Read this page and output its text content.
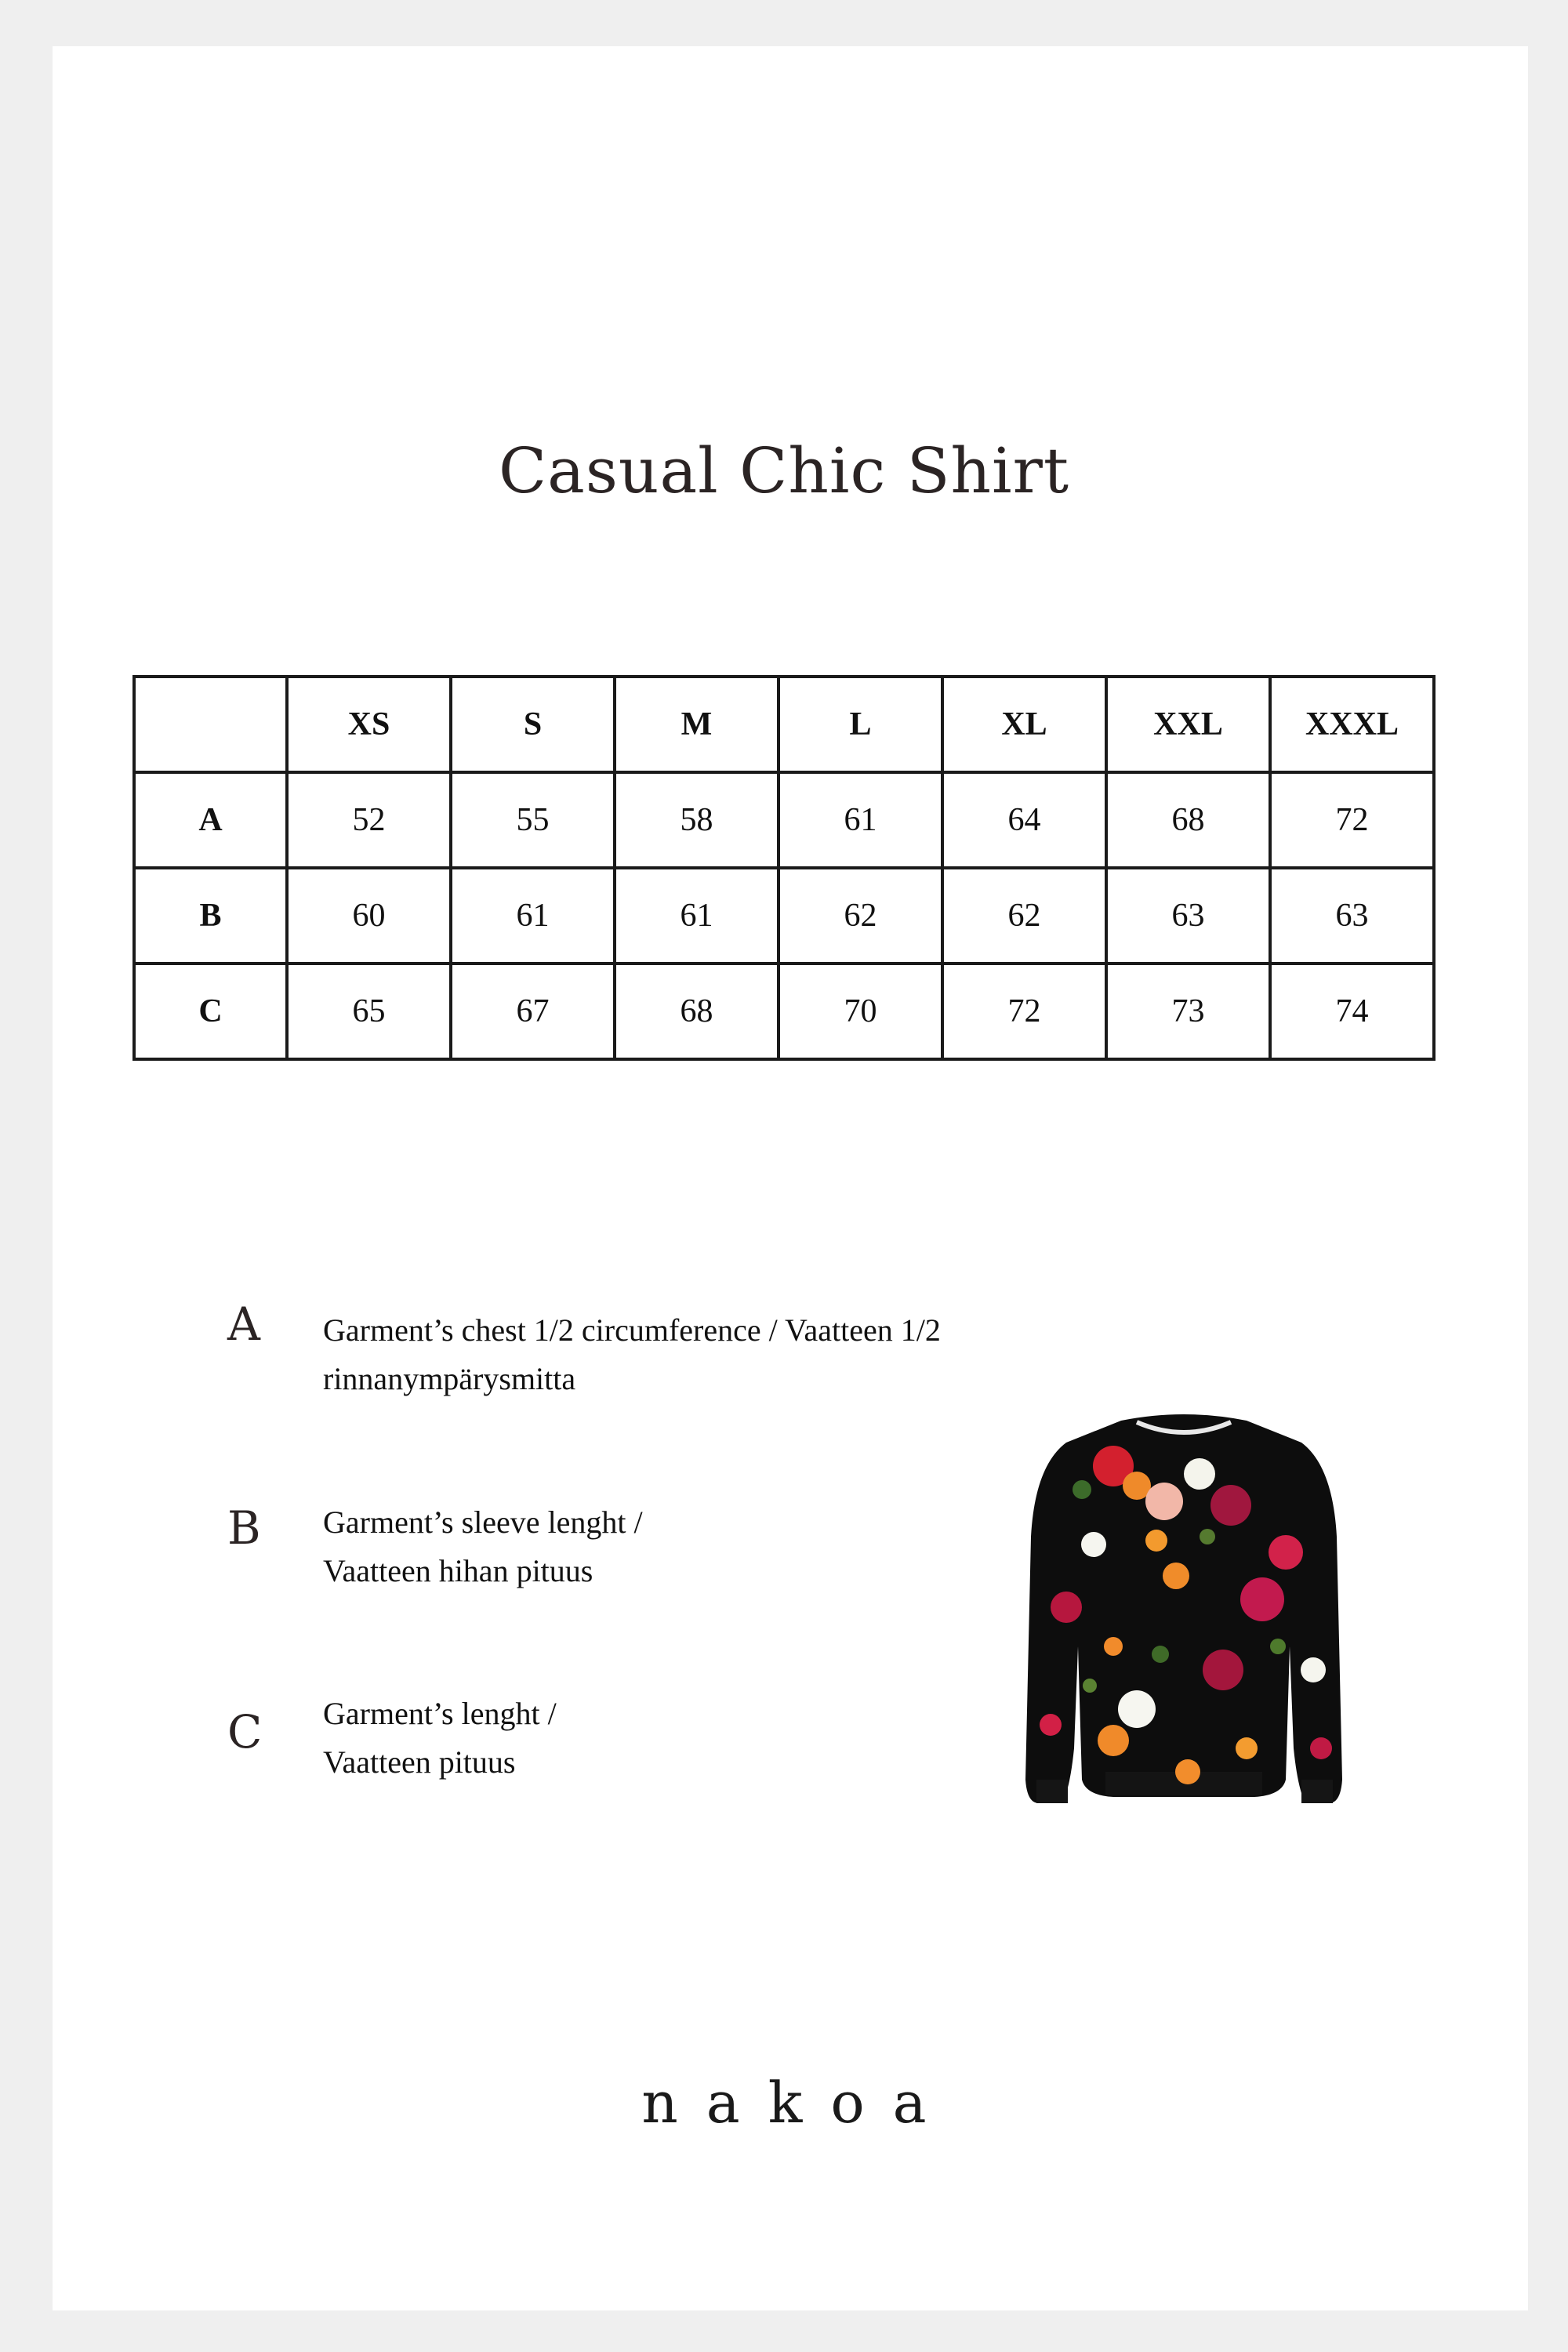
Casual Chic Shirt
	XS	S	M	L	XL	XXL	XXXL
A	52	55	58	61	64	68	72
B	60	61	61	62	62	63	63
C	65	67	68	70	72	73	74
A Garment’s chest 1/2 circumference / Vaatteen 1/2
rinnanympärysmitta
B Garment’s sleeve lenght /
Vaatteen hihan pituus
C Garment’s lenght /
Vaatteen pituus
nakoa
